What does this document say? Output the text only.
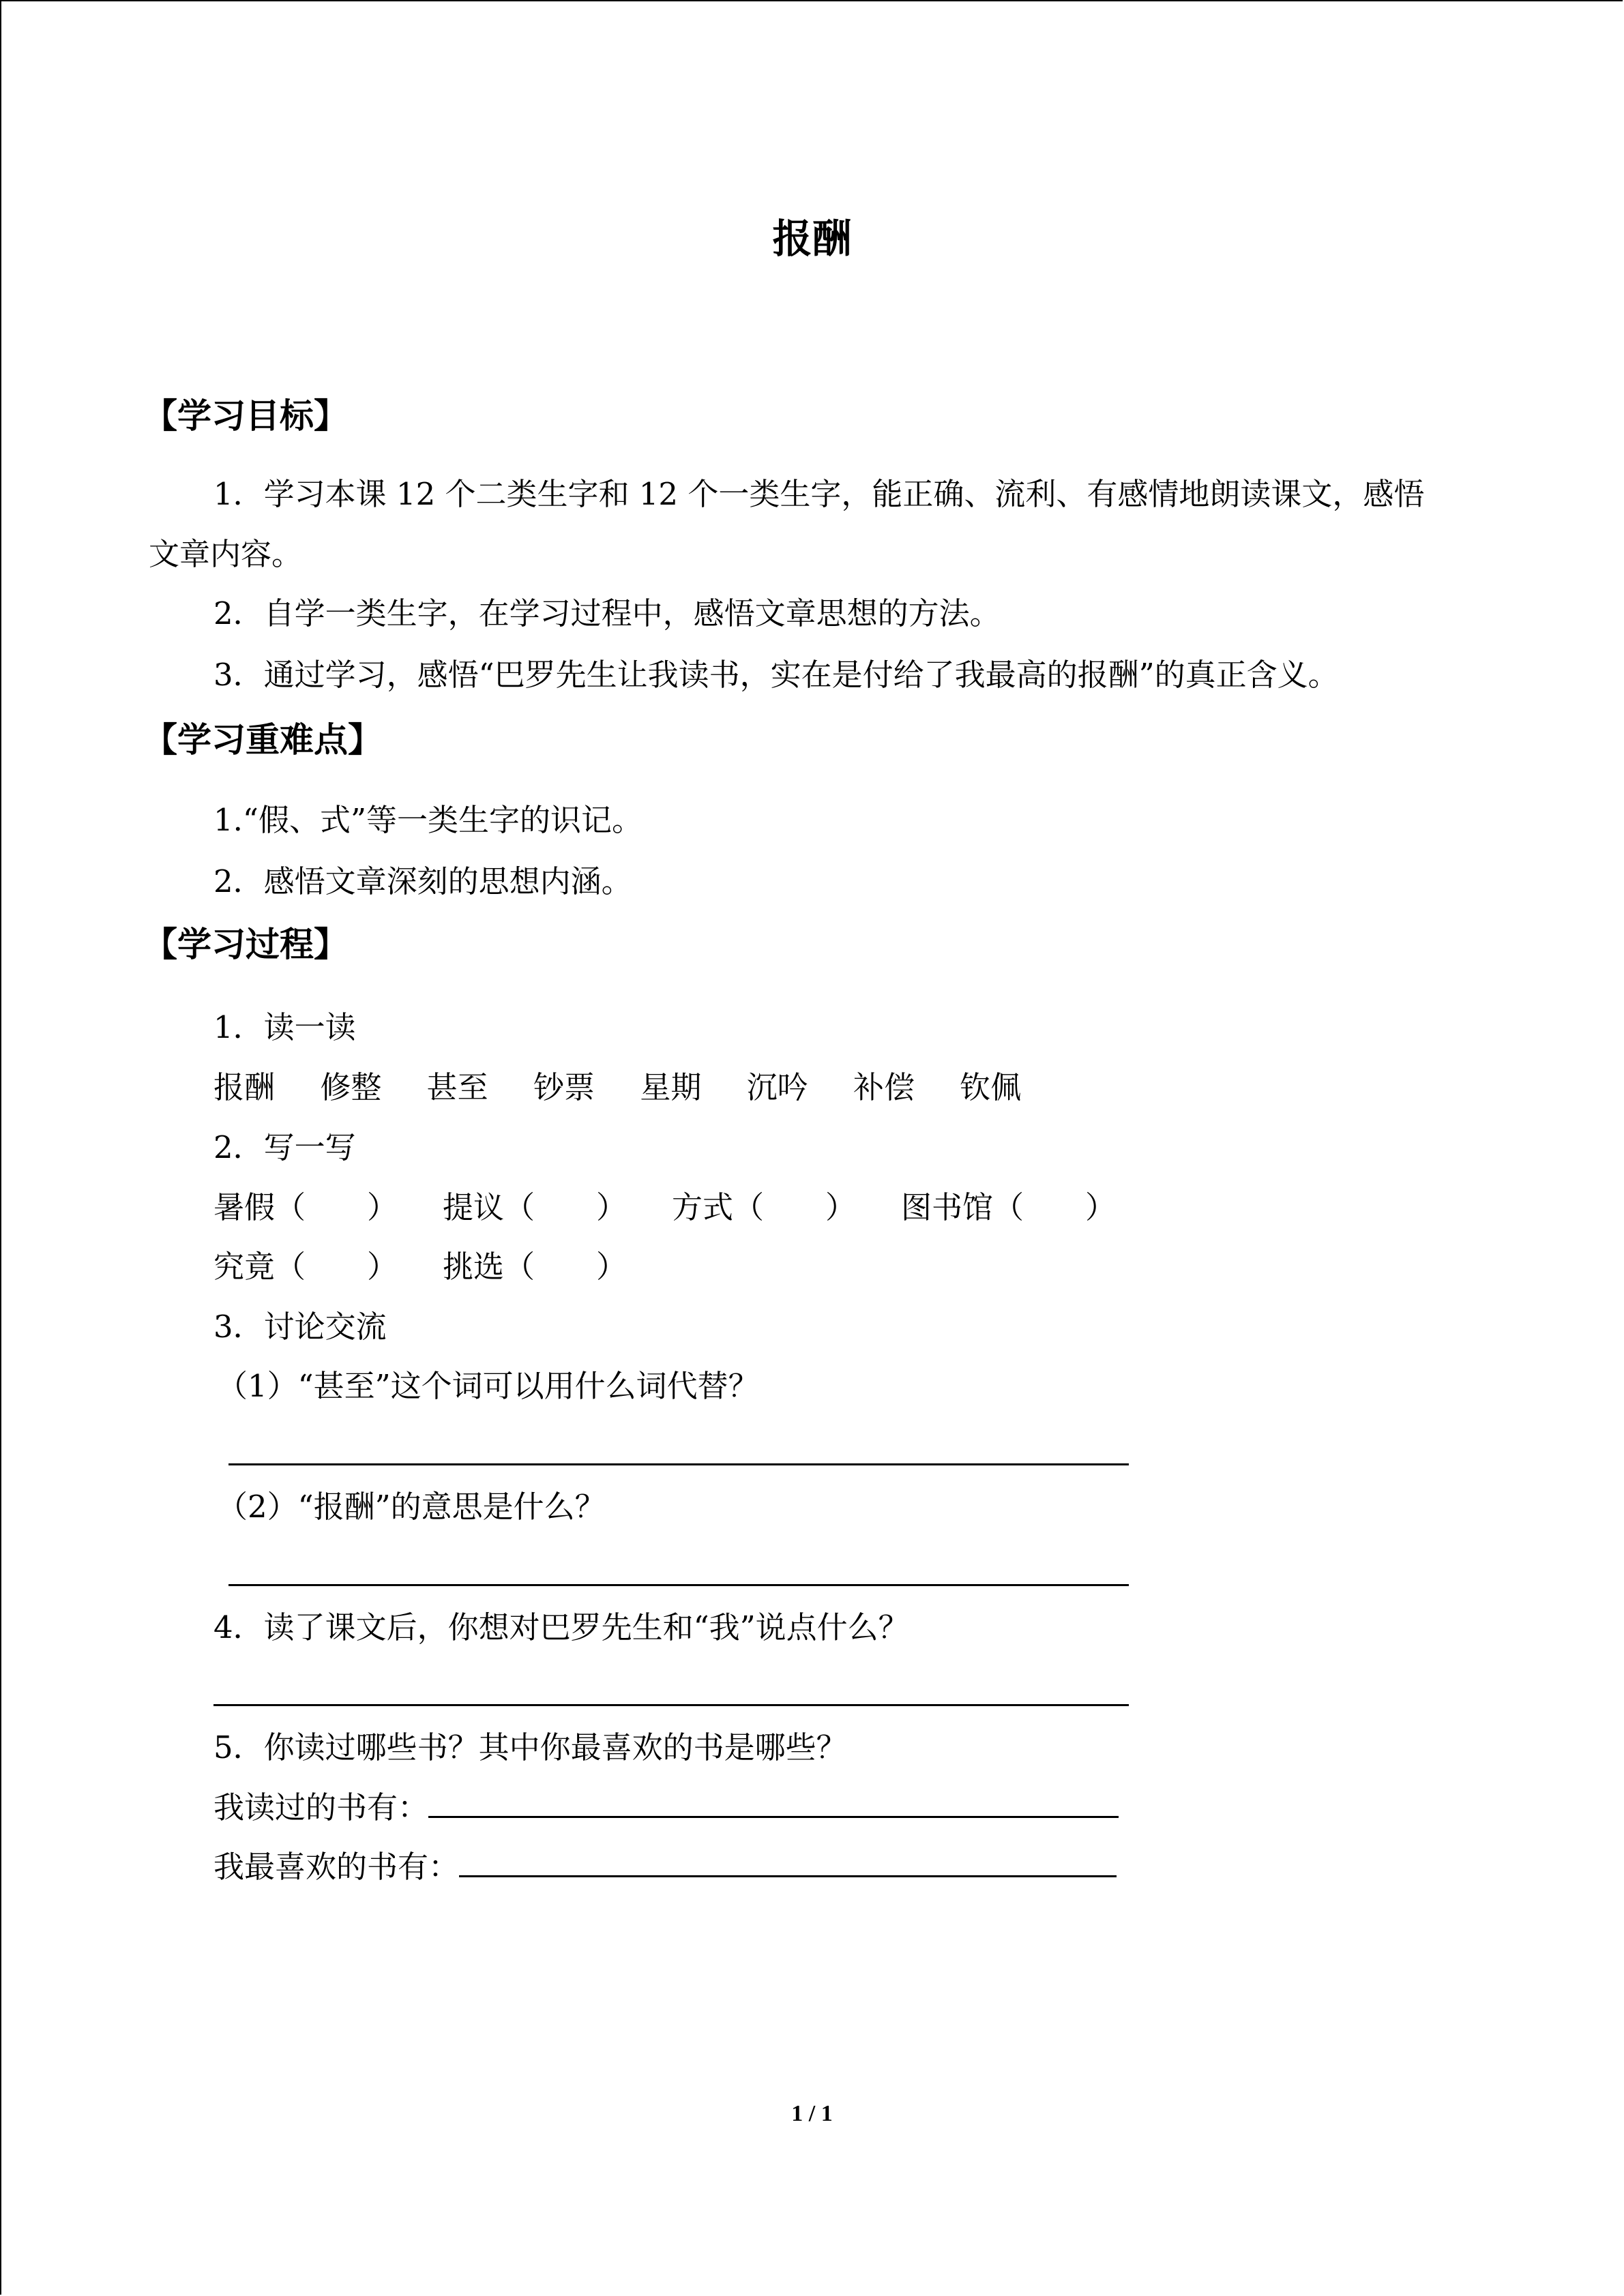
报酬
【学习目标】
1．学习本课 12 个二类生字和 12 个一类生字，能正确、流利、有感情地朗读课文，感悟
文章内容。
2．自学一类生字，在学习过程中，感悟文章思想的方法。
3．通过学习，感悟“巴罗先生让我读书，实在是付给了我最高的报酬”的真正含义。
【学习重难点】
1.“假、式”等一类生字的识记。
2．感悟文章深刻的思想内涵。
【学习过程】
1．读一读
报酬 修整 甚至 钞票 星期 沉吟 补偿 钦佩
2．写一写
暑假（　　） 提议（　　） 方式（　　） 图书馆（　　）
究竟（　　） 挑选（　　）
3．讨论交流
（1）“甚至”这个词可以用什么词代替？
（2）“报酬”的意思是什么？
4．读了课文后，你想对巴罗先生和“我”说点什么？
5．你读过哪些书？其中你最喜欢的书是哪些？
我读过的书有：
我最喜欢的书有：
1 / 1
